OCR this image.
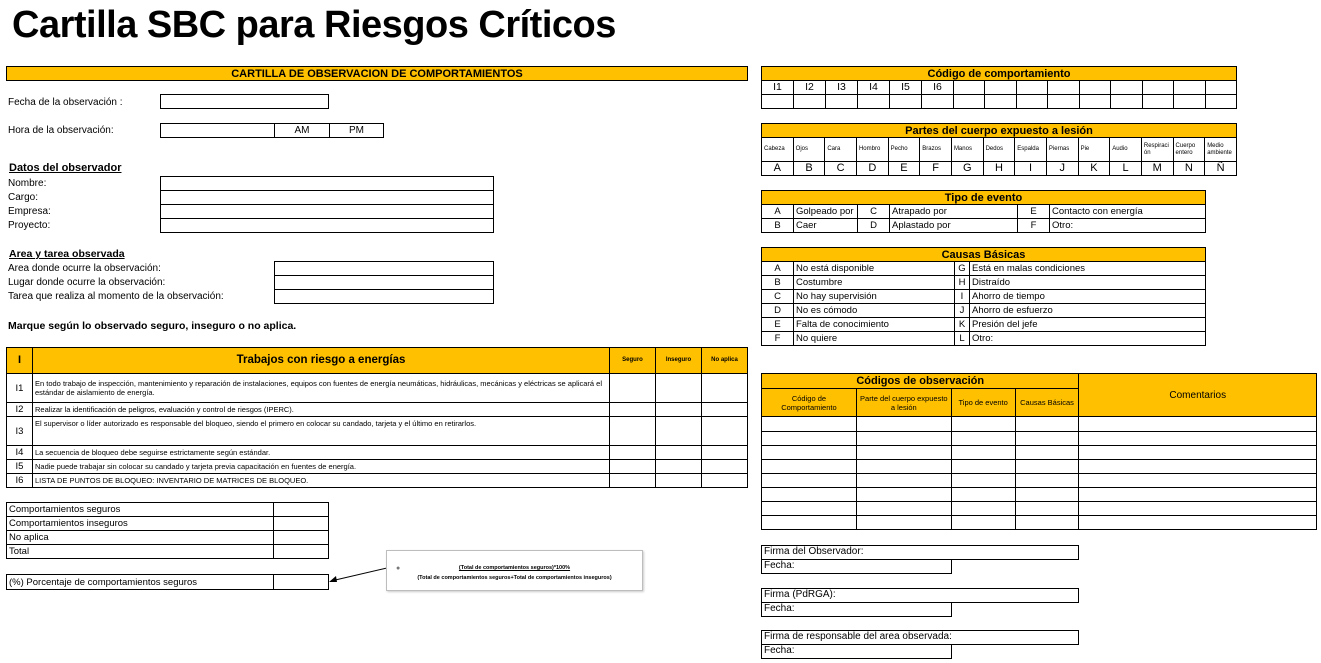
Cartilla SBC para Riesgos Críticos
CARTILLA DE OBSERVACION DE COMPORTAMIENTOS
Fecha de la observación :
Hora de la observación:	AM	PM
Datos del observador
Nombre:
Cargo:
Empresa:
Proyecto:
Area y tarea observada
Area donde ocurre la observación:
Lugar donde ocurre la observación:
Tarea que realiza al momento de la observación:
Marque según lo observado seguro, inseguro o no aplica.
I	Trabajos con riesgo a energías	Seguro	Inseguro	No aplica
I1	En todo trabajo de inspección, mantenimiento y reparación de instalaciones, equipos con fuentes de energía neumáticas, hidráulicas, mecánicas y eléctricas se aplicará el estándar de aislamiento de energía.			
I2	Realizar la identificación de peligros, evaluación y control de riesgos (IPERC).			
I3	El supervisor o líder autorizado es responsable del bloqueo, siendo el primero en colocar su candado, tarjeta y el último en retirarlos.			
I4	La secuencia de bloqueo debe seguirse estrictamente según estándar.			
I5	Nadie puede trabajar sin colocar su candado y tarjeta previa capacitación en fuentes de energía.			
I6	LISTA DE PUNTOS DE BLOQUEO: INVENTARIO DE MATRICES DE BLOQUEO.			
Comportamientos seguros	
Comportamientos inseguros	
No aplica	
Total	
(%) Porcentaje de comportamientos seguros	
●	(Total de comportamientos seguros)*100%
(Total de comportamientos seguros+Total de comportamientos inseguros)
Código de comportamiento
I1	I2	I3	I4	I5	I6									

Partes del cuerpo expuesto a lesión
Cabeza	Ojos	Cara	Hombro	Pecho	Brazos	Manos	Dedos	Espalda	Piernas	Pie	Audio	Respiración	Cuerpo entero	Medio ambiente
A	B	C	D	E	F	G	H	I	J	K	L	M	N	Ñ
Tipo de evento
A	Golpeado por	C	Atrapado por	E	Contacto con energía
B	Caer	D	Aplastado por	F	Otro:
Causas Básicas
A	No está disponible	G	Está en malas condiciones
B	Costumbre	H	Distraído
C	No hay supervisión	I	Ahorro de tiempo
D	No es cómodo	J	Ahorro de esfuerzo
E	Falta de conocimiento	K	Presión del jefe
F	No quiere	L	Otro:
Códigos de observación				Comentarios
Código de Comportamiento	Parte del cuerpo expuesto a lesión	Tipo de evento	Causas Básicas	

Firma del Observador:
Fecha:
Firma (PdRGA):
Fecha:
Firma de responsable del area observada:
Fecha:
